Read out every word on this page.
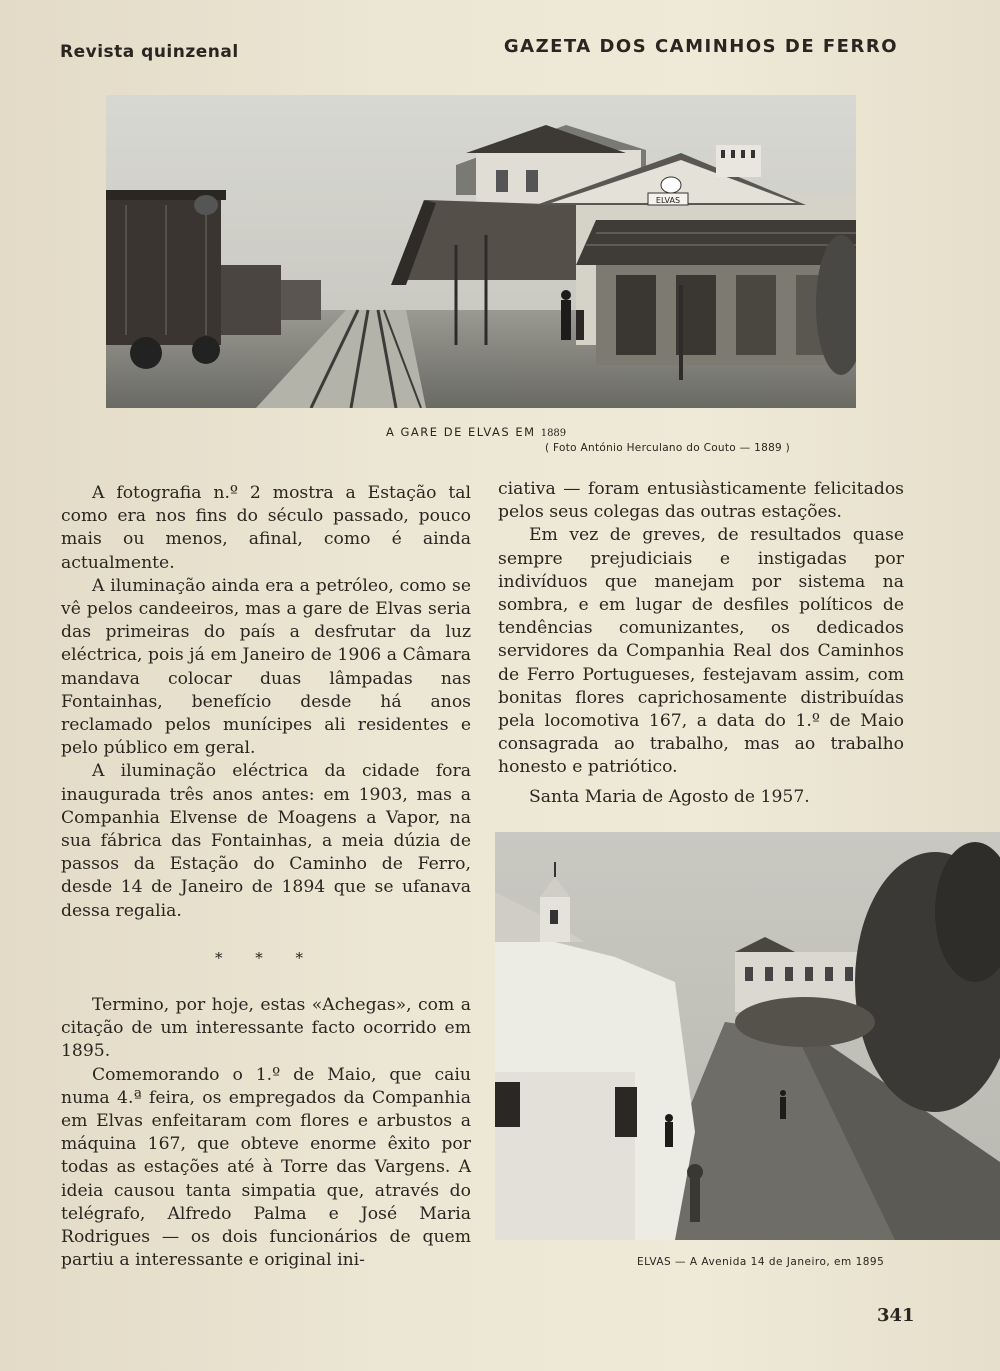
Revista quinzenal	GAZETA DOS CAMINHOS DE FERRO
ELVAS
A GARE DE ELVAS EM 1889
( Foto António Herculano do Couto — 1889 )

A fotografia n.º 2 mostra a Estação tal como era nos fins do século passado, pouco mais ou menos, afinal, como é ainda actualmente.

A iluminação ainda era a petróleo, como se vê pelos candeeiros, mas a gare de Elvas seria das primeiras do país a desfrutar da luz eléctrica, pois já em Janeiro de 1906 a Câmara mandava colocar duas lâmpadas nas Fontainhas, benefício desde há anos reclamado pelos munícipes ali residentes e pelo público em geral.

A iluminação eléctrica da cidade fora inaugurada três anos antes: em 1903, mas a Companhia Elvense de Moagens a Vapor, na sua fábrica das Fontainhas, a meia dúzia de passos da Estação do Caminho de Ferro, desde 14 de Janeiro de 1894 que se ufanava dessa regalia.

* * *

Termino, por hoje, estas «Achegas», com a citação de um interessante facto ocorrido em 1895.

Comemorando o 1.º de Maio, que caiu numa 4.ª feira, os empregados da Companhia em Elvas enfeitaram com flores e arbustos a máquina 167, que obteve enorme êxito por todas as estações até à Torre das Vargens. A ideia causou tanta simpatia que, através do telégrafo, Alfredo Palma e José Maria Rodrigues — os dois funcionários de quem partiu a interessante e original ini-

ciativa — foram entusiàsticamente felicitados pelos seus colegas das outras estações.

Em vez de greves, de resultados quase sempre prejudiciais e instigadas por indivíduos que manejam por sistema na sombra, e em lugar de desfiles políticos de tendências comunizantes, os dedicados servidores da Companhia Real dos Caminhos de Ferro Portugueses, festejavam assim, com bonitas flores caprichosamente distribuídas pela locomotiva 167, a data do 1.º de Maio consagrada ao trabalho, mas ao trabalho honesto e patriótico.

Santa Maria de Agosto de 1957.

ELVAS — A Avenida 14 de Janeiro, em 1895
341
